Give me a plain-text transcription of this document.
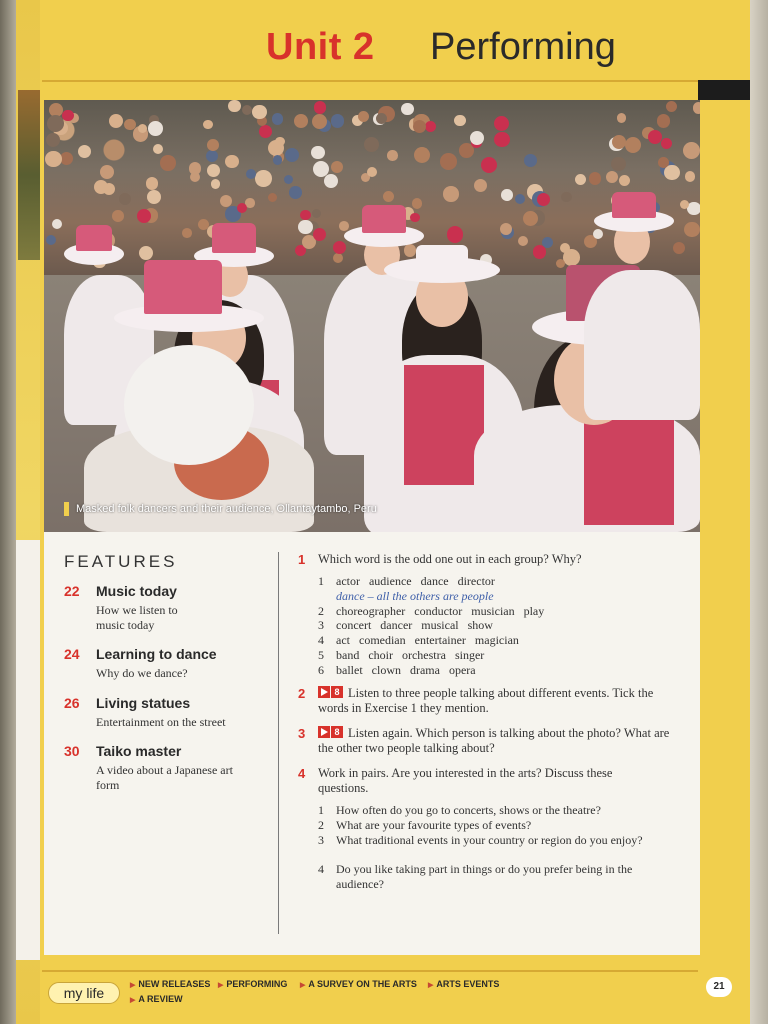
Unit 2 Performing
Masked folk dancers and their audience, Ollantaytambo, Peru
FEATURES
22 Music today
How we listen to music today
24 Learning to dance
Why do we dance?
26 Living statues
Entertainment on the street
30 Taiko master
A video about a Japanese art form
1 Which word is the odd one out in each group? Why?
1 actor audience dance director
dance – all the others are people
2 choreographer conductor musician play
3 concert dancer musical show
4 act comedian entertainer magician
5 band choir orchestra singer
6 ballet clown drama opera
2	8 Listen to three people talking about different events. Tick the words in Exercise 1 they mention.
3	8 Listen again. Which person is talking about the photo? What are the other two people talking about?
4 Work in pairs. Are you interested in the arts? Discuss these questions.
1 How often do you go to concerts, shows or the theatre?
2 What are your favourite types of events?
3 What traditional events in your country or region do you enjoy?
4 Do you like taking part in things or do you prefer being in the audience?
my life
▶ NEW RELEASES	▶ PERFORMING	▶ A SURVEY ON THE ARTS	▶ ARTS EVENTS
▶ A REVIEW
21
